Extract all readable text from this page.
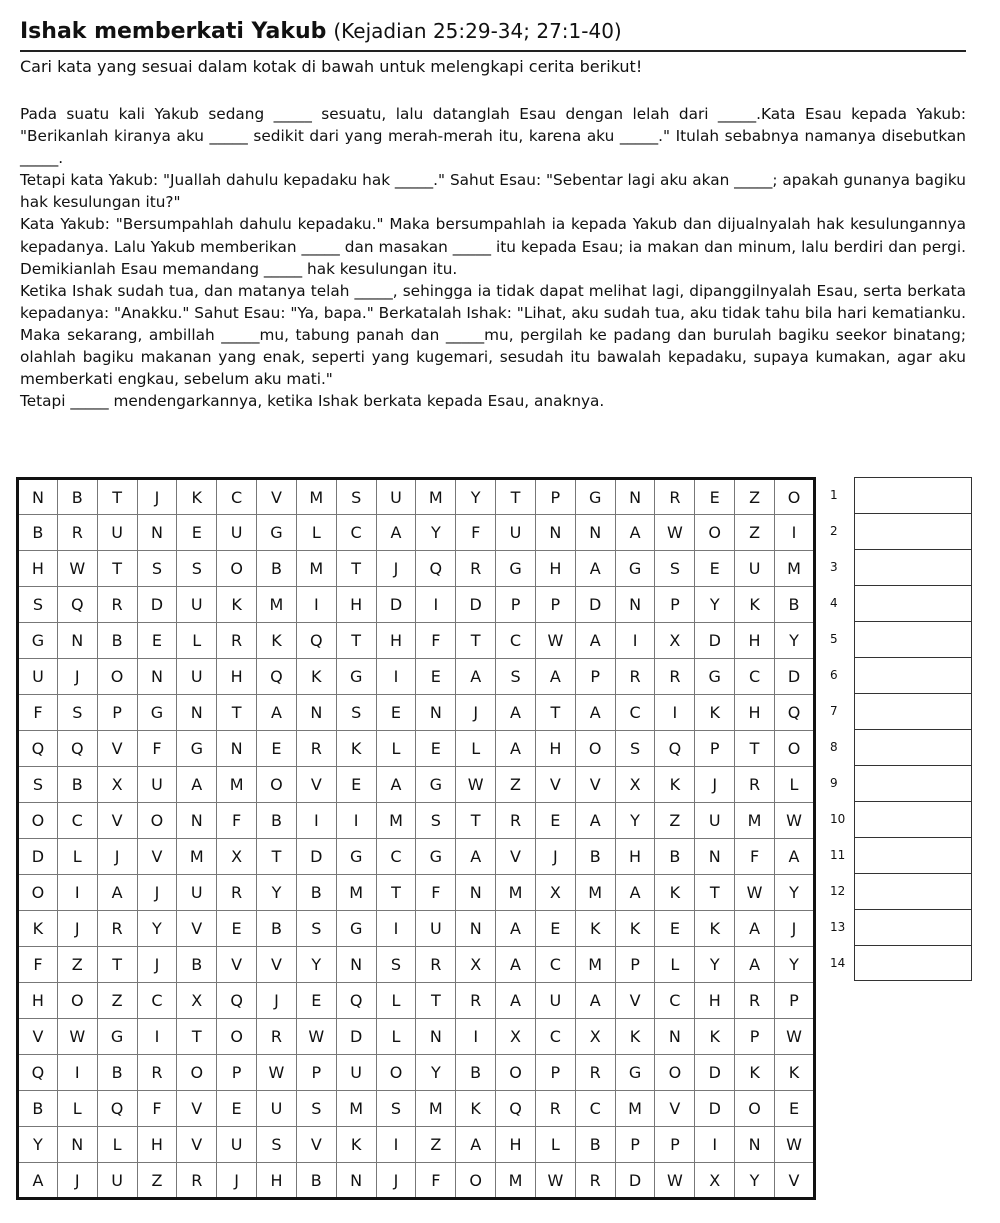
Ishak memberkati Yakub (Kejadian 25:29-34; 27:1-40)
Cari kata yang sesuai dalam kotak di bawah untuk melengkapi cerita berikut!

Pada suatu kali Yakub sedang _____ sesuatu, lalu datanglah Esau dengan lelah dari _____.Kata Esau kepada Yakub: "Berikanlah kiranya aku _____ sedikit dari yang merah-merah itu, karena aku _____." Itulah sebabnya namanya disebutkan _____.

Tetapi kata Yakub: "Juallah dahulu kepadaku hak _____." Sahut Esau: "Sebentar lagi aku akan _____; apakah gunanya bagiku hak kesulungan itu?"

Kata Yakub: "Bersumpahlah dahulu kepadaku." Maka bersumpahlah ia kepada Yakub dan dijualnyalah hak kesulungannya kepadanya. Lalu Yakub memberikan _____ dan masakan _____ itu kepada Esau; ia makan dan minum, lalu berdiri dan pergi. Demikianlah Esau memandang _____ hak kesulungan itu.

Ketika Ishak sudah tua, dan matanya telah _____, sehingga ia tidak dapat melihat lagi, dipanggilnyalah Esau, serta berkata kepadanya: "Anakku." Sahut Esau: "Ya, bapa." Berkatalah Ishak: "Lihat, aku sudah tua, aku tidak tahu bila hari kematianku. Maka sekarang, ambillah _____mu, tabung panah dan _____mu, pergilah ke padang dan burulah bagiku seekor binatang; olahlah bagiku makanan yang enak, seperti yang kugemari, sesudah itu bawalah kepadaku, supaya kumakan, agar aku memberkati engkau, sebelum aku mati."

Tetapi _____ mendengarkannya, ketika Ishak berkata kepada Esau, anaknya.

N	B	T	J	K	C	V	M	S	U	M	Y	T	P	G	N	R	E	Z	O
B	R	U	N	E	U	G	L	C	A	Y	F	U	N	N	A	W	O	Z	I
H	W	T	S	S	O	B	M	T	J	Q	R	G	H	A	G	S	E	U	M
S	Q	R	D	U	K	M	I	H	D	I	D	P	P	D	N	P	Y	K	B
G	N	B	E	L	R	K	Q	T	H	F	T	C	W	A	I	X	D	H	Y
U	J	O	N	U	H	Q	K	G	I	E	A	S	A	P	R	R	G	C	D
F	S	P	G	N	T	A	N	S	E	N	J	A	T	A	C	I	K	H	Q
Q	Q	V	F	G	N	E	R	K	L	E	L	A	H	O	S	Q	P	T	O
S	B	X	U	A	M	O	V	E	A	G	W	Z	V	V	X	K	J	R	L
O	C	V	O	N	F	B	I	I	M	S	T	R	E	A	Y	Z	U	M	W
D	L	J	V	M	X	T	D	G	C	G	A	V	J	B	H	B	N	F	A
O	I	A	J	U	R	Y	B	M	T	F	N	M	X	M	A	K	T	W	Y
K	J	R	Y	V	E	B	S	G	I	U	N	A	E	K	K	E	K	A	J
F	Z	T	J	B	V	V	Y	N	S	R	X	A	C	M	P	L	Y	A	Y
H	O	Z	C	X	Q	J	E	Q	L	T	R	A	U	A	V	C	H	R	P
V	W	G	I	T	O	R	W	D	L	N	I	X	C	X	K	N	K	P	W
Q	I	B	R	O	P	W	P	U	O	Y	B	O	P	R	G	O	D	K	K
B	L	Q	F	V	E	U	S	M	S	M	K	Q	R	C	M	V	D	O	E
Y	N	L	H	V	U	S	V	K	I	Z	A	H	L	B	P	P	I	N	W
A	J	U	Z	R	J	H	B	N	J	F	O	M	W	R	D	W	X	Y	V
1
2
3
4
5
6
7
8
9
10
11
12
13
14
